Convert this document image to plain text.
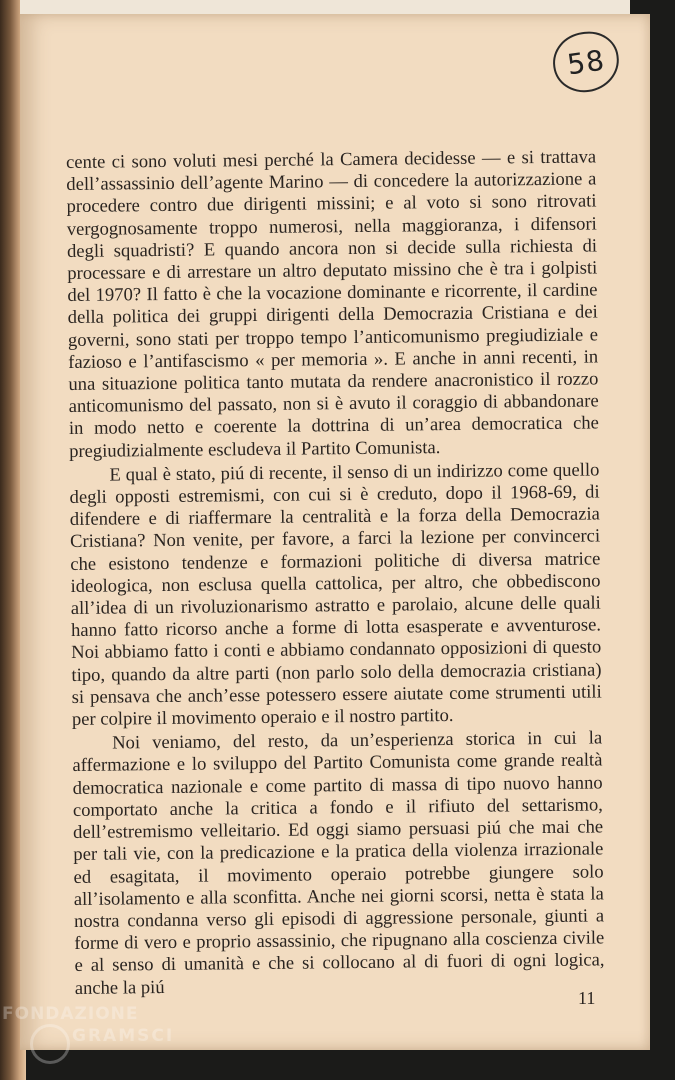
58

cente ci sono voluti mesi perché la Camera decidesse — e si trattava dell’assassinio dell’agente Marino — di concedere la autorizzazione a procedere contro due dirigenti missini; e al voto si sono ritrovati vergognosamente troppo numerosi, nella maggioranza, i difensori degli squadristi? E quando ancora non si decide sulla richiesta di processare e di arrestare un altro deputato missino che è tra i golpisti del 1970? Il fatto è che la vocazione dominante e ricorrente, il cardine della politica dei gruppi dirigenti della Democrazia Cristiana e dei governi, sono stati per troppo tempo l’anticomunismo pregiudiziale e fazioso e l’antifascismo « per memoria ». E anche in anni recenti, in una situazione politica tanto mutata da rendere anacronistico il rozzo anticomunismo del passato, non si è avuto il coraggio di abbandonare in modo netto e coerente la dottrina di un’area democratica che pregiudizialmente escludeva il Partito Comunista.

E qual è stato, piú di recente, il senso di un indirizzo come quello degli opposti estremismi, con cui si è creduto, dopo il 1968-69, di difendere e di riaffermare la centralità e la forza della Democrazia Cristiana? Non venite, per favore, a farci la lezione per convincerci che esistono tendenze e formazioni politiche di diversa matrice ideologica, non esclusa quella cattolica, per altro, che obbediscono all’idea di un rivoluzionarismo astratto e parolaio, alcune delle quali hanno fatto ricorso anche a forme di lotta esasperate e avventurose. Noi abbiamo fatto i conti e abbiamo condannato opposizioni di questo tipo, quando da altre parti (non parlo solo della democrazia cristiana) si pensava che anch’esse potessero essere aiutate come strumenti utili per colpire il movimento operaio e il nostro partito.

Noi veniamo, del resto, da un’esperienza storica in cui la affermazione e lo sviluppo del Partito Comunista come grande realtà democratica nazionale e come partito di massa di tipo nuovo hanno comportato anche la critica a fondo e il rifiuto del settarismo, dell’estremismo velleitario. Ed oggi siamo persuasi piú che mai che per tali vie, con la predicazione e la pratica della violenza irrazionale ed esagitata, il movimento operaio potrebbe giungere solo all’isolamento e alla sconfitta. Anche nei giorni scorsi, netta è stata la nostra condanna verso gli episodi di aggressione personale, giunti a forme di vero e proprio assassinio, che ripugnano alla coscienza civile e al senso di umanità e che si collocano al di fuori di ogni logica, anche la piú	11
FONDAZIONE
GRAMSCI
